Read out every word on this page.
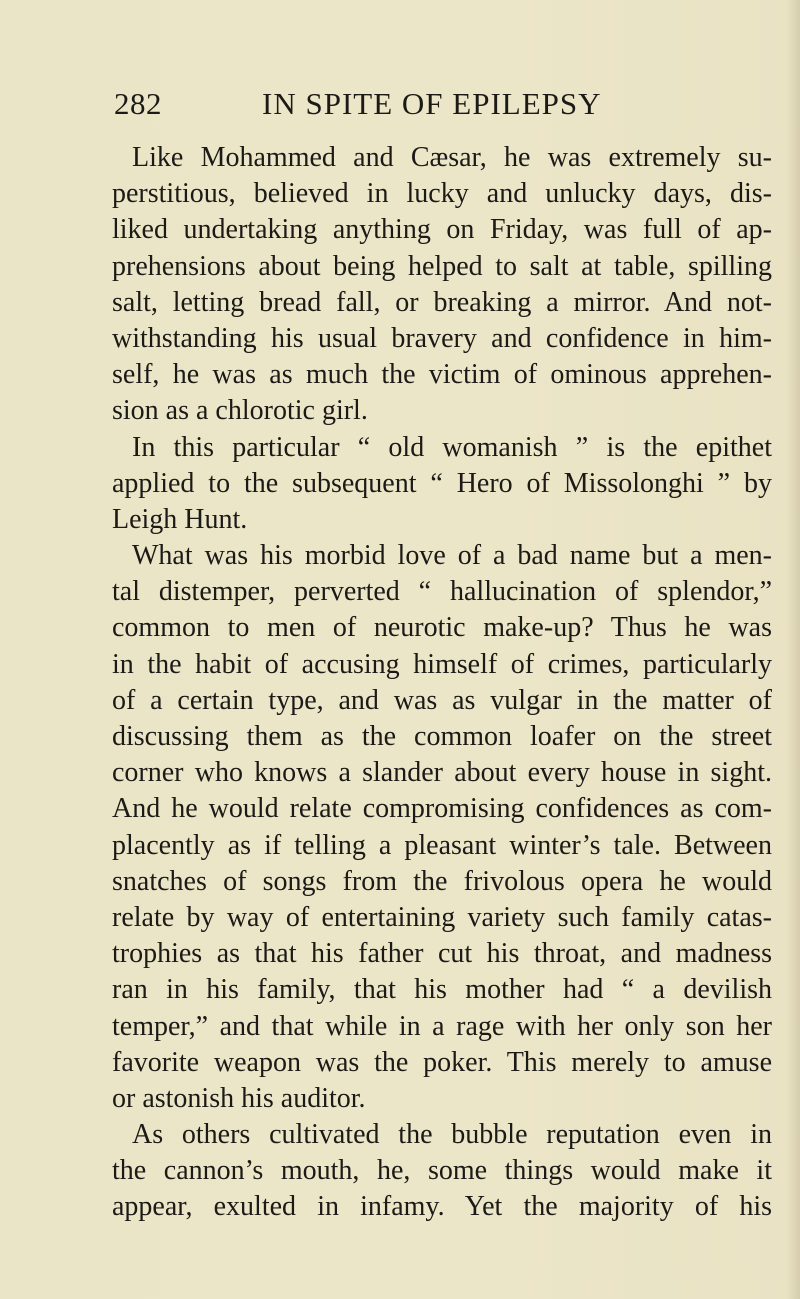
282	IN SPITE OF EPILEPSY
Like Mohammed and Cæsar, he was extremely su-
perstitious, believed in lucky and unlucky days, dis-
liked undertaking anything on Friday, was full of ap-
prehensions about being helped to salt at table, spilling
salt, letting bread fall, or breaking a mirror. And not-
withstanding his usual bravery and confidence in him-
self, he was as much the victim of ominous apprehen-
sion as a chlorotic girl.
In this particular “ old womanish ” is the epithet
applied to the subsequent “ Hero of Missolonghi ” by
Leigh Hunt.
What was his morbid love of a bad name but a men-
tal distemper, perverted “ hallucination of splendor,”
common to men of neurotic make-up? Thus he was
in the habit of accusing himself of crimes, particularly
of a certain type, and was as vulgar in the matter of
discussing them as the common loafer on the street
corner who knows a slander about every house in sight.
And he would relate compromising confidences as com-
placently as if telling a pleasant winter’s tale. Between
snatches of songs from the frivolous opera he would
relate by way of entertaining variety such family catas-
trophies as that his father cut his throat, and madness
ran in his family, that his mother had “ a devilish
temper,” and that while in a rage with her only son her
favorite weapon was the poker. This merely to amuse
or astonish his auditor.
As others cultivated the bubble reputation even in
the cannon’s mouth, he, some things would make it
appear, exulted in infamy. Yet the majority of his
